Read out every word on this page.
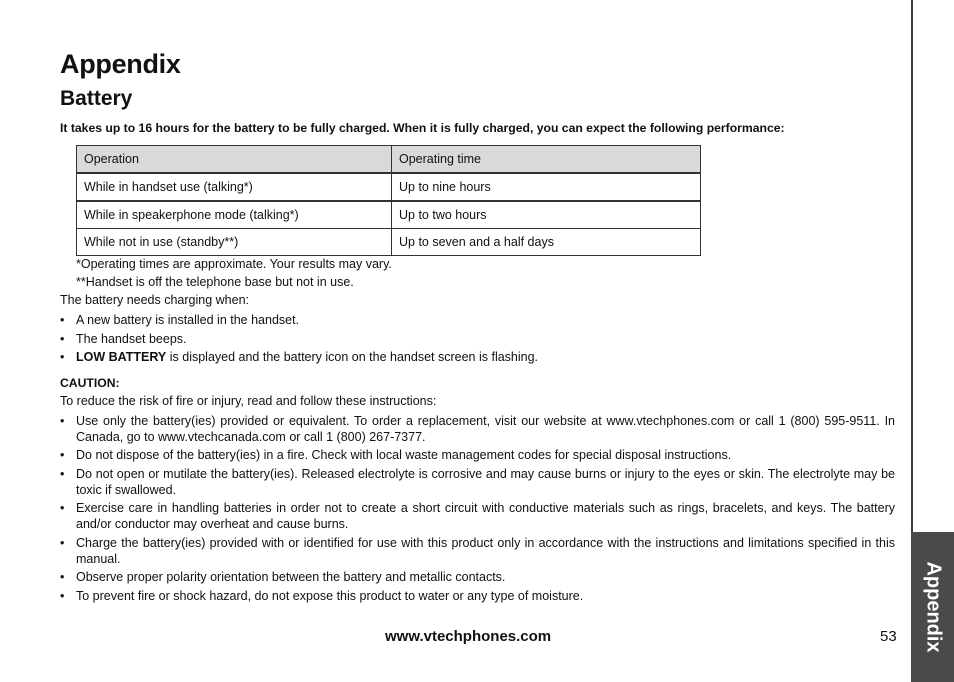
Appendix
Appendix
Battery
It takes up to 16 hours for the battery to be fully charged. When it is fully charged, you can expect the following performance:
Operation	Operating time
While in handset use (talking*)	Up to nine hours
While in speakerphone mode (talking*)	Up to two hours
While not in use (standby**)	Up to seven and a half days
*Operating times are approximate. Your results may vary.
**Handset is off the telephone base but not in use.
The battery needs charging when:
• A new battery is installed in the handset.
• The handset beeps.
• LOW BATTERY is displayed and the battery icon on the handset screen is flashing.
CAUTION:
To reduce the risk of fire or injury, read and follow these instructions:
• Use only the battery(ies) provided or equivalent. To order a replacement, visit our website at www.vtechphones.com or call 1 (800) 595-9511. In Canada, go to www.vtechcanada.com or call 1 (800) 267-7377.
• Do not dispose of the battery(ies) in a fire. Check with local waste management codes for special disposal instructions.
• Do not open or mutilate the battery(ies). Released electrolyte is corrosive and may cause burns or injury to the eyes or skin. The electrolyte may be toxic if swallowed.
• Exercise care in handling batteries in order not to create a short circuit with conductive materials such as rings, bracelets, and keys. The battery and/or conductor may overheat and cause burns.
• Charge the battery(ies) provided with or identified for use with this product only in accordance with the instructions and limitations specified in this manual.
• Observe proper polarity orientation between the battery and metallic contacts.
• To prevent fire or shock hazard, do not expose this product to water or any type of moisture.
www.vtechphones.com	53
